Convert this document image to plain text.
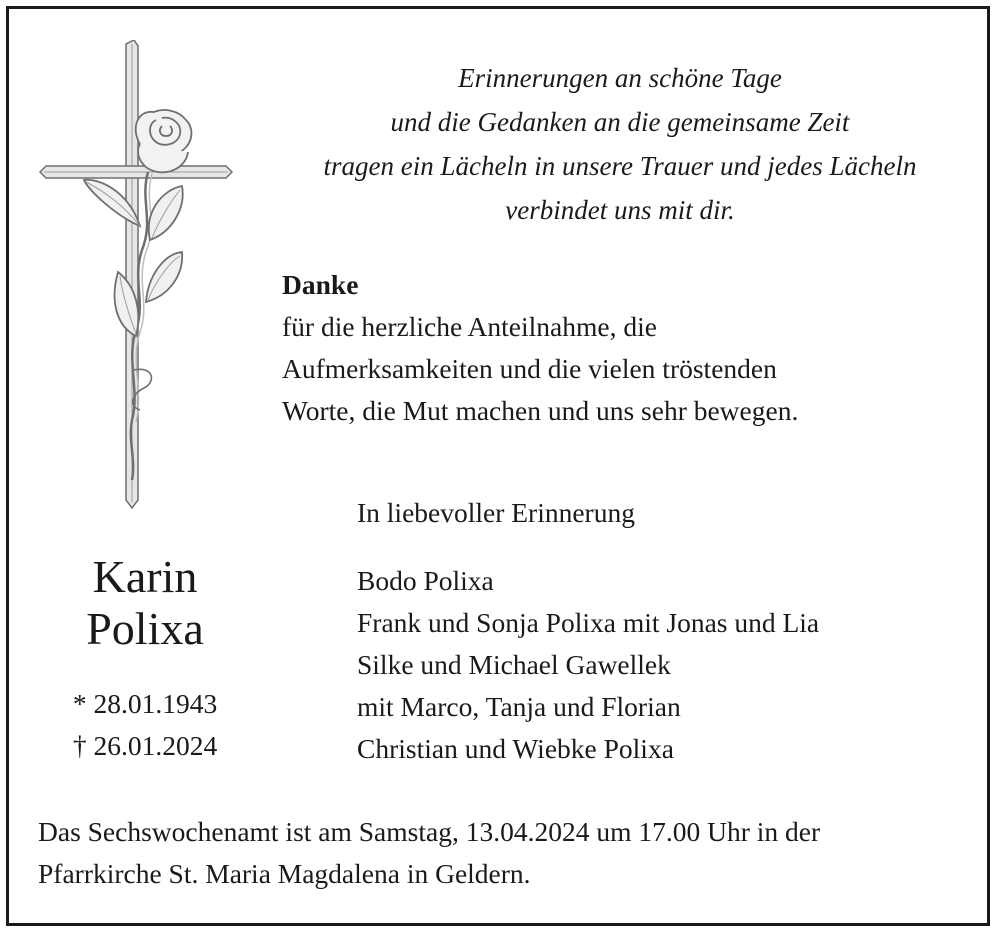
Erinnerungen an schöne Tage
und die Gedanken an die gemeinsame Zeit
tragen ein Lächeln in unsere Trauer und jedes Lächeln
verbindet uns mit dir.
Danke
für die herzliche Anteilnahme, die
Aufmerksamkeiten und die vielen tröstenden
Worte, die Mut machen und uns sehr bewegen.
In liebevoller Erinnerung
Bodo Polixa
Frank und Sonja Polixa mit Jonas und Lia
Silke und Michael Gawellek
mit Marco, Tanja und Florian
Christian und Wiebke Polixa
Karin
Polixa
* 28.01.1943
† 26.01.2024
Das Sechswochenamt ist am Samstag, 13.04.2024 um 17.00 Uhr in der
Pfarrkirche St. Maria Magdalena in Geldern.
